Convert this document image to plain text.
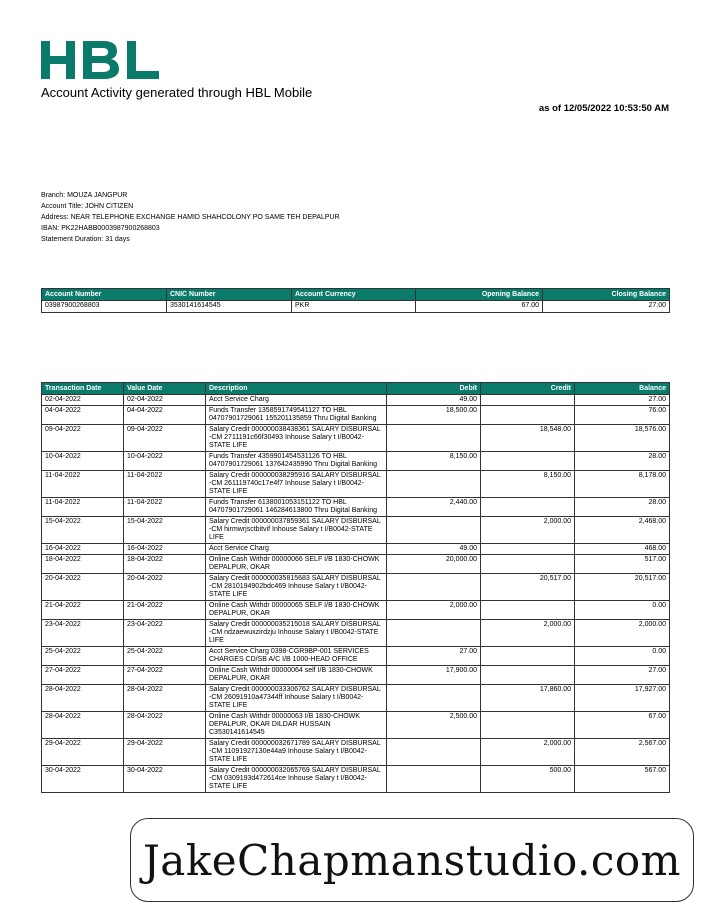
Account Activity generated through HBL Mobile
as of 12/05/2022 10:53:50 AM
Branch: MOUZA JANGPUR
Account Title: JOHN CITIZEN
Address: NEAR TELEPHONE EXCHANGE HAMID SHAHCOLONY PO SAME TEH DEPALPUR
IBAN: PK22HABB0003987900268803
Statement Duration: 31 days
Account Number	CNIC Number	Account Currency	Opening Balance	Closing Balance
03987900268803	3530141614545	PKR	67.00	27.00
Transaction Date	Value Date	Description	Debit	Credit	Balance
02-04-2022	02-04-2022	Acct Service Charg	49.00		27.00
04-04-2022	04-04-2022	Funds Transfer 1358591749541127 TO HBL 04707901729061 155201135859 Thru Digital Banking	18,500.00		76.00
09-04-2022	09-04-2022	Salary Credit 000000038438361 SALARY DISBURSAL -CM 2711191c66f30493 Inhouse Salary t I/B0042-STATE LIFE		18,548.00	18,576.00
10-04-2022	10-04-2022	Funds Transfer 4359901454531126 TO HBL 04707901729061 137642435990 Thru Digital Banking	8,150.00		28.00
11-04-2022	11-04-2022	Salary Credit 000000038295916 SALARY DISBURSAL -CM 261119740c17e4f7 Inhouse Salary t I/B0042-STATE LIFE		8,150.00	8,178.00
11-04-2022	11-04-2022	Funds Transfer 6138001053151122 TO HBL 04707901729061 146284613800 Thru Digital Banking	2,440.00		28.00
15-04-2022	15-04-2022	Salary Credit 000000037859361 SALARY DISBURSAL -CM hirmwrjsctbitvif Inhouse Salary t I/B0042-STATE LIFE		2,000.00	2,468.00
16-04-2022	16-04-2022	Acct Service Charg	49.00		468.00
18-04-2022	18-04-2022	Online Cash Withdr 00000066 SELF I/B 1830-CHOWK DEPALPUR, OKAR	20,000.00		517.00
20-04-2022	20-04-2022	Salary Credit 000000035815683 SALARY DISBURSAL -CM 2810194902bdc469 Inhouse Salary t I/B0042-STATE LIFE		20,517.00	20,517.00
21-04-2022	21-04-2022	Online Cash Withdr 00000065 SELF I/B 1830-CHOWK DEPALPUR, OKAR	2,000.00		0.00
23-04-2022	23-04-2022	Salary Credit 000000035215018 SALARY DISBURSAL -CM ndzaewuxzirdzju Inhouse Salary t I/B0042-STATE LIFE		2,000.00	2,000.00
25-04-2022	25-04-2022	Acct Service Charg 0398-CGR9BP-001 SERVICES CHARGES CD/SB A/C I/B 1000-HEAD OFFICE	27.00		0.00
27-04-2022	27-04-2022	Online Cash Withdr 00000064 self I/B 1830-CHOWK DEPALPUR, OKAR	17,900.00		27.00
28-04-2022	28-04-2022	Salary Credit 000000033306762 SALARY DISBURSAL -CM 26091910a47344ff Inhouse Salary t I/B0042-STATE LIFE		17,860.00	17,927.00
28-04-2022	28-04-2022	Online Cash Withdr 00000063 I/B 1830-CHOWK DEPALPUR, OKAR DILDAR HUSSAIN C3530141614545	2,500.00		67.00
29-04-2022	29-04-2022	Salary Credit 000000032671789 SALARY DISBURSAL -CM 11091927130e44a9 Inhouse Salary t I/B0042-STATE LIFE		2,000.00	2,567.00
30-04-2022	30-04-2022	Salary Credit 000000032065769 SALARY DISBURSAL -CM 0309193d472614ce Inhouse Salary t I/B0042-STATE LIFE		500.00	567.00
JakeChapmanstudio.com
